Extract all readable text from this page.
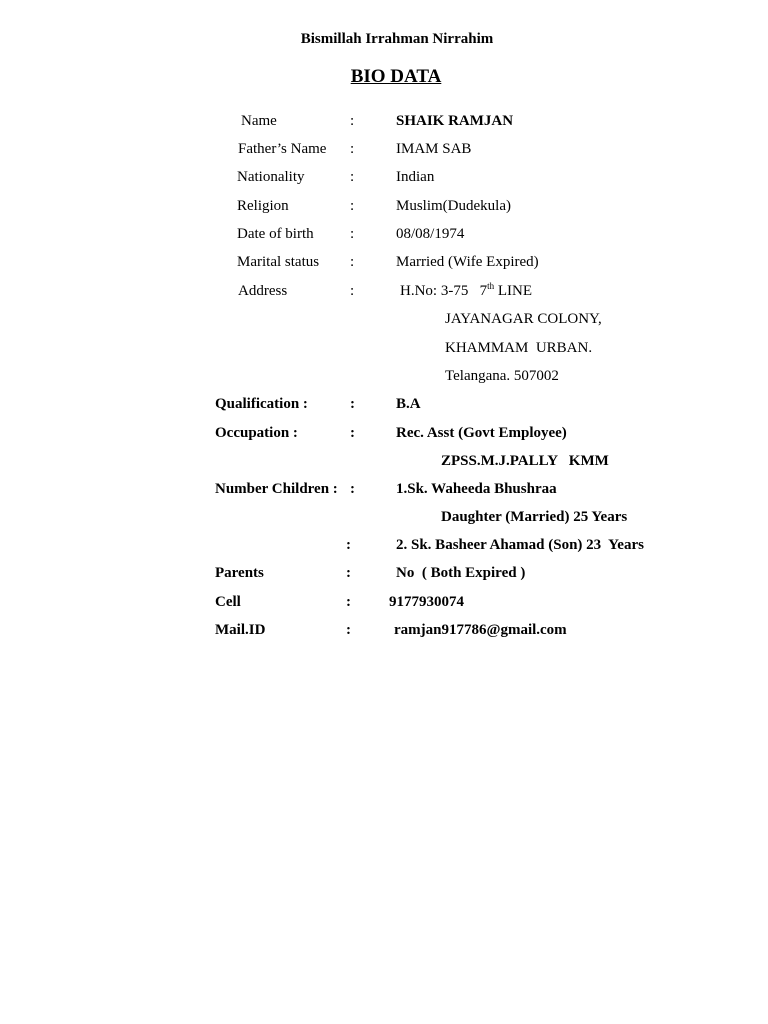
Bismillah Irrahman Nirrahim
BIO DATA
Name	:	SHAIK RAMJAN
Father’s Name :	IMAM SAB
Nationality	:	Indian
Religion	:	Muslim(Dudekula)
Date of birth :	08/08/1974
Marital status :	Married (Wife Expired)
Address	:	H.No: 3-75   7th LINE
JAYANAGAR COLONY,
KHAMMAM  URBAN.
Telangana. 507002
Qualification :	:	B.A
Occupation :	:	Rec. Asst (Govt Employee)
ZPSS.M.J.PALLY   KMM
Number Children : :	1.Sk. Waheeda Bhushraa
Daughter (Married) 25 Years
:	2. Sk. Basheer Ahamad (Son) 23  Years
Parents	:	No  ( Both Expired )
Cell	:	9177930074
Mail.ID	:	ramjan917786@gmail.com
